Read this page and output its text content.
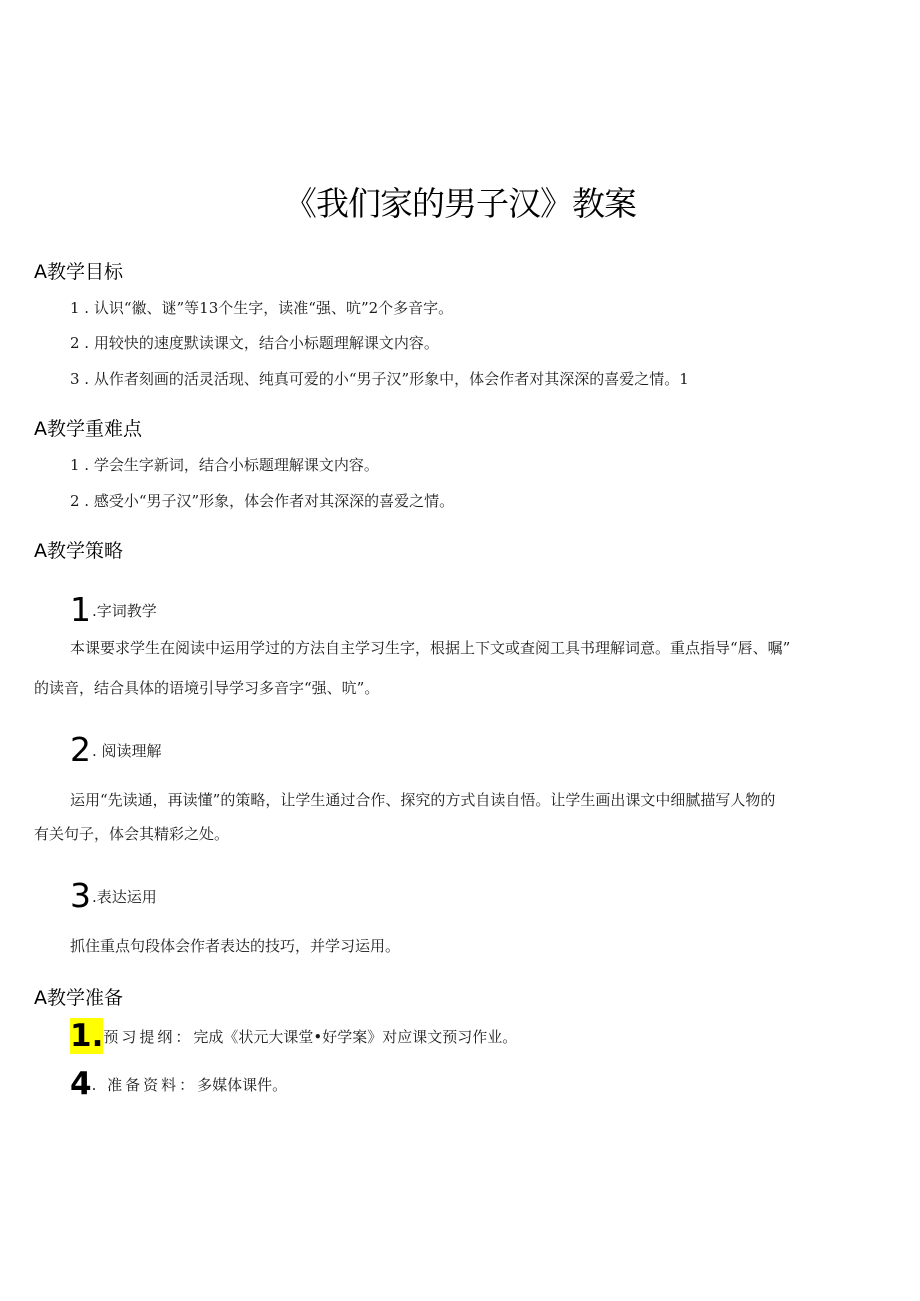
《我们家的男子汉》教案
A教学目标
1 . 认识“徽、谜”等13个生字，读准“强、吭”2个多音字。
2 . 用较快的速度默读课文，结合小标题理解课文内容。
3 . 从作者刻画的活灵活现、纯真可爱的小“男子汉”形象中，体会作者对其深深的喜爱之情。1
A教学重难点
1 . 学会生字新词，结合小标题理解课文内容。
2 . 感受小“男子汉”形象，体会作者对其深深的喜爱之情。
A教学策略
1.字词教学
本课要求学生在阅读中运用学过的方法自主学习生字，根据上下文或查阅工具书理解词意。重点指导“唇、嘱”
的读音，结合具体的语境引导学习多音字“强、吭”。
2. 阅读理解
运用“先读通，再读懂”的策略，让学生通过合作、探究的方式自读自悟。让学生画出课文中细腻描写人物的
有关句子，体会其精彩之处。
3.表达运用
抓住重点句段体会作者表达的技巧，并学习运用。
A教学准备
1.预习提纲：完成《状元大课堂•好学案》对应课文预习作业。
4. 准备资料：多媒体课件。
